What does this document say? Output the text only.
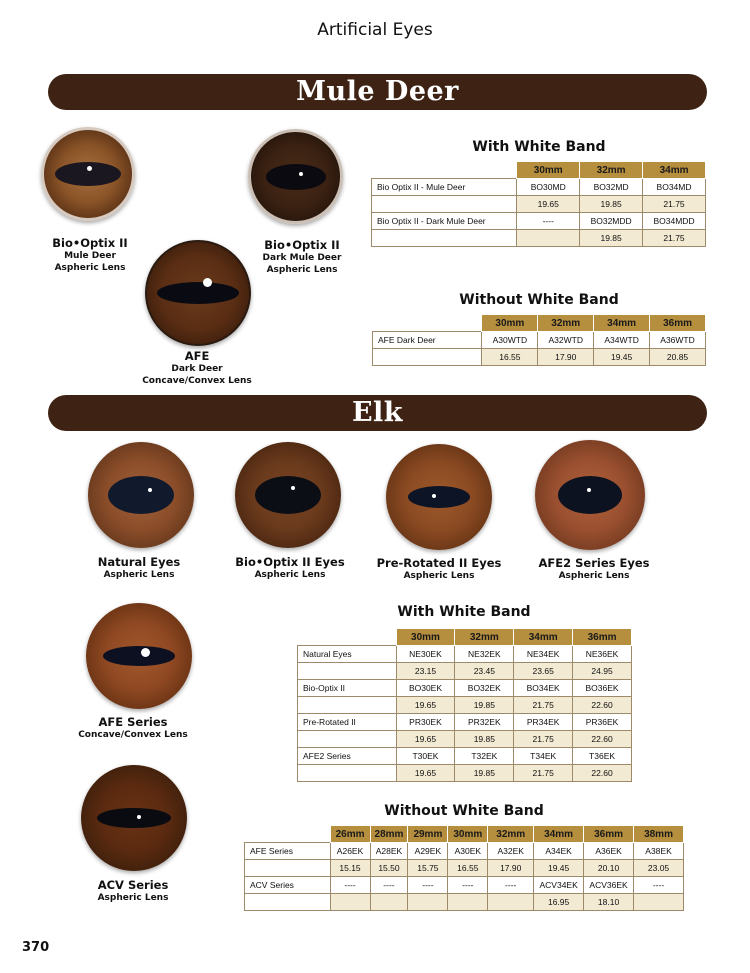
Artificial Eyes
Mule Deer
Bio•Optix II
Mule Deer
Aspheric Lens
Bio•Optix II
Dark Mule Deer
Aspheric Lens
AFE
Dark Deer
Concave/Convex Lens
With White Band
	30mm	32mm	34mm
Bio Optix II - Mule Deer	BO30MD	BO32MD	BO34MD
	19.65	19.85	21.75
Bio Optix II - Dark Mule Deer	----	BO32MDD	BO34MDD
		19.85	21.75
Without White Band
	30mm	32mm	34mm	36mm
AFE Dark Deer	A30WTD	A32WTD	A34WTD	A36WTD
	16.55	17.90	19.45	20.85
Elk
Natural Eyes
Aspheric Lens
Bio•Optix II Eyes
Aspheric Lens
Pre-Rotated II Eyes
Aspheric Lens
AFE2 Series Eyes
Aspheric Lens
AFE Series
Concave/Convex Lens
ACV Series
Aspheric Lens
With White Band
	30mm	32mm	34mm	36mm
Natural Eyes	NE30EK	NE32EK	NE34EK	NE36EK
	23.15	23.45	23.65	24.95
Bio-Optix II	BO30EK	BO32EK	BO34EK	BO36EK
	19.65	19.85	21.75	22.60
Pre-Rotated II	PR30EK	PR32EK	PR34EK	PR36EK
	19.65	19.85	21.75	22.60
AFE2 Series	T30EK	T32EK	T34EK	T36EK
	19.65	19.85	21.75	22.60
Without White Band
	26mm	28mm	29mm	30mm	32mm	34mm	36mm	38mm
AFE Series	A26EK	A28EK	A29EK	A30EK	A32EK	A34EK	A36EK	A38EK
	15.15	15.50	15.75	16.55	17.90	19.45	20.10	23.05
ACV Series	----	----	----	----	----	ACV34EK	ACV36EK	----
						16.95	18.10	
370
